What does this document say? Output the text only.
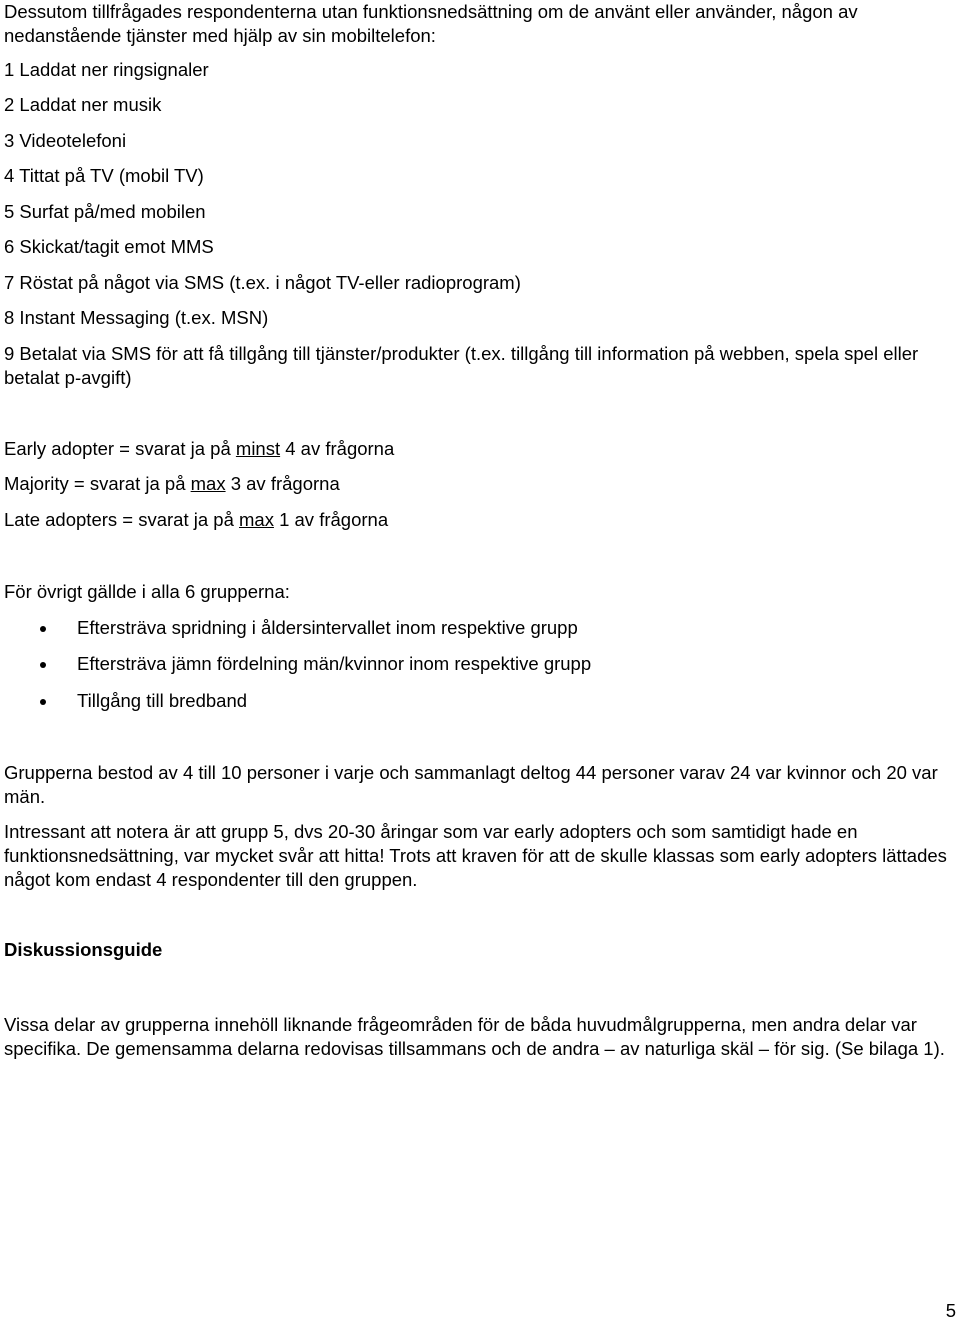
Dessutom tillfrågades respondenterna utan funktionsnedsättning om de använt eller använder, någon av nedanstående tjänster med hjälp av sin mobiltelefon:

1 Laddat ner ringsignaler

2 Laddat ner musik

3 Videotelefoni

4 Tittat på TV (mobil TV)

5 Surfat på/med mobilen

6 Skickat/tagit emot MMS

7 Röstat på något via SMS (t.ex. i något TV-eller radioprogram)

8 Instant Messaging (t.ex. MSN)

9 Betalat via SMS för att få tillgång till tjänster/produkter (t.ex. tillgång till information på webben, spela spel eller betalat p-avgift)

Early adopter = svarat ja på minst 4 av frågorna

Majority = svarat ja på max 3 av frågorna

Late adopters = svarat ja på max 1 av frågorna

För övrigt gällde i alla 6 grupperna:

Eftersträva spridning i åldersintervallet inom respektive grupp
Eftersträva jämn fördelning män/kvinnor inom respektive grupp
Tillgång till bredband

Grupperna bestod av 4 till 10 personer i varje och sammanlagt deltog 44 personer varav 24 var kvinnor och 20 var män.

Intressant att notera är att grupp 5, dvs 20-30 åringar som var early adopters och som samtidigt hade en funktionsnedsättning, var mycket svår att hitta! Trots att kraven för att de skulle klassas som early adopters lättades något kom endast 4 respondenter till den gruppen.

Diskussionsguide

Vissa delar av grupperna innehöll liknande frågeområden för de båda huvudmålgrupperna, men andra delar var specifika. De gemensamma delarna redovisas tillsammans och de andra – av naturliga skäl – för sig. (Se bilaga 1).

5
